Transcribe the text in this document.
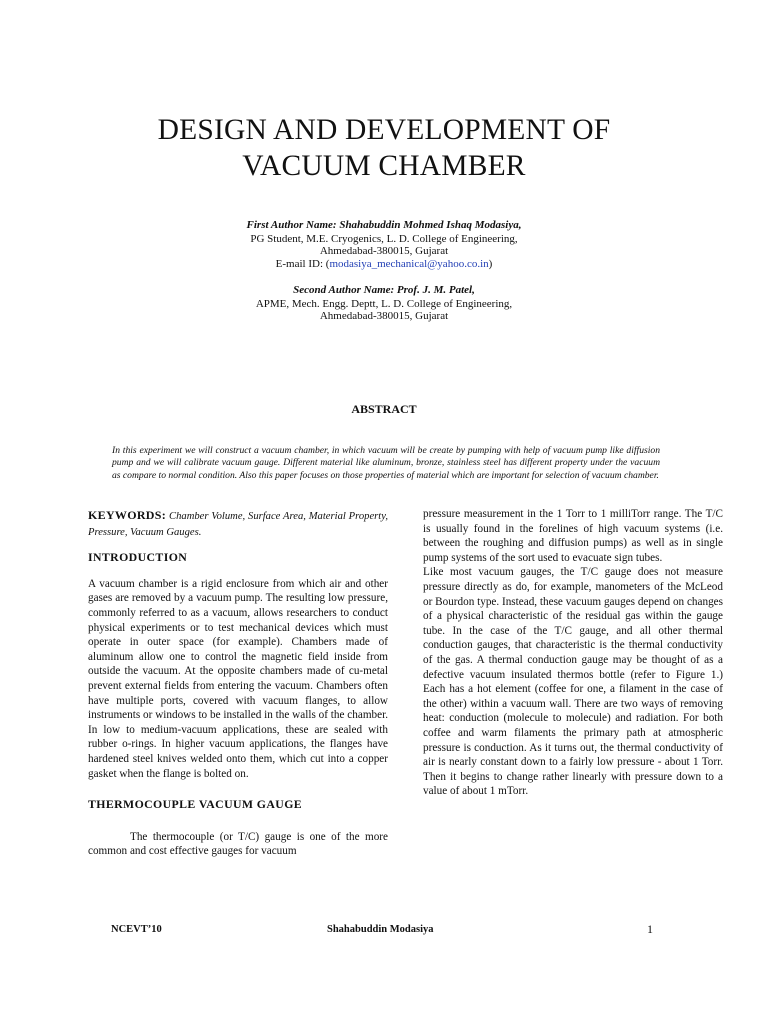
DESIGN AND DEVELOPMENT OF
VACUUM CHAMBER
First Author Name: Shahabuddin Mohmed Ishaq Modasiya,
PG Student, M.E. Cryogenics, L. D. College of Engineering,
Ahmedabad-380015, Gujarat
E-mail ID: (modasiya_mechanical@yahoo.co.in)
Second Author Name: Prof. J. M. Patel,
APME, Mech. Engg. Deptt, L. D. College of Engineering,
Ahmedabad-380015, Gujarat
ABSTRACT
In this experiment we will construct a vacuum chamber, in which vacuum will be create by pumping with help of vacuum pump like diffusion pump and we will calibrate vacuum gauge. Different material like aluminum, bronze, stainless steel has different property under the vacuum as compare to normal condition. Also this paper focuses on those properties of material which are important for selection of vacuum chamber.

KEYWORDS: Chamber Volume, Surface Area, Material Property, Pressure, Vacuum Gauges.

INTRODUCTION

A vacuum chamber is a rigid enclosure from which air and other gases are removed by a vacuum pump. The resulting low pressure, commonly referred to as a vacuum, allows researchers to conduct physical experiments or to test mechanical devices which must operate in outer space (for example). Chambers made of aluminum allow one to control the magnetic field inside from outside the vacuum. At the opposite chambers made of cu-metal prevent external fields from entering the vacuum. Chambers often have multiple ports, covered with vacuum flanges, to allow instruments or windows to be installed in the walls of the chamber. In low to medium-vacuum applications, these are sealed with rubber o-rings. In higher vacuum applications, the flanges have hardened steel knives welded onto them, which cut into a copper gasket when the flange is bolted on.

THERMOCOUPLE VACUUM GAUGE

The thermocouple (or T/C) gauge is one of the more common and cost effective gauges for vacuum

pressure measurement in the 1 Torr to 1 milliTorr range. The T/C is usually found in the forelines of high vacuum systems (i.e. between the roughing and diffusion pumps) as well as in single pump systems of the sort used to evacuate sign tubes.

Like most vacuum gauges, the T/C gauge does not measure pressure directly as do, for example, manometers of the McLeod or Bourdon type. Instead, these vacuum gauges depend on changes of a physical characteristic of the residual gas within the gauge tube. In the case of the T/C gauge, and all other thermal conduction gauges, that characteristic is the thermal conductivity of the gas. A thermal conduction gauge may be thought of as a defective vacuum insulated thermos bottle (refer to Figure 1.) Each has a hot element (coffee for one, a filament in the case of the other) within a vacuum wall. There are two ways of removing heat: conduction (molecule to molecule) and radiation. For both coffee and warm filaments the primary path at atmospheric pressure is conduction. As it turns out, the thermal conductivity of air is nearly constant down to a fairly low pressure - about 1 Torr. Then it begins to change rather linearly with pressure down to a value of about 1 mTorr.

NCEVT’10	Shahabuddin Modasiya	1
